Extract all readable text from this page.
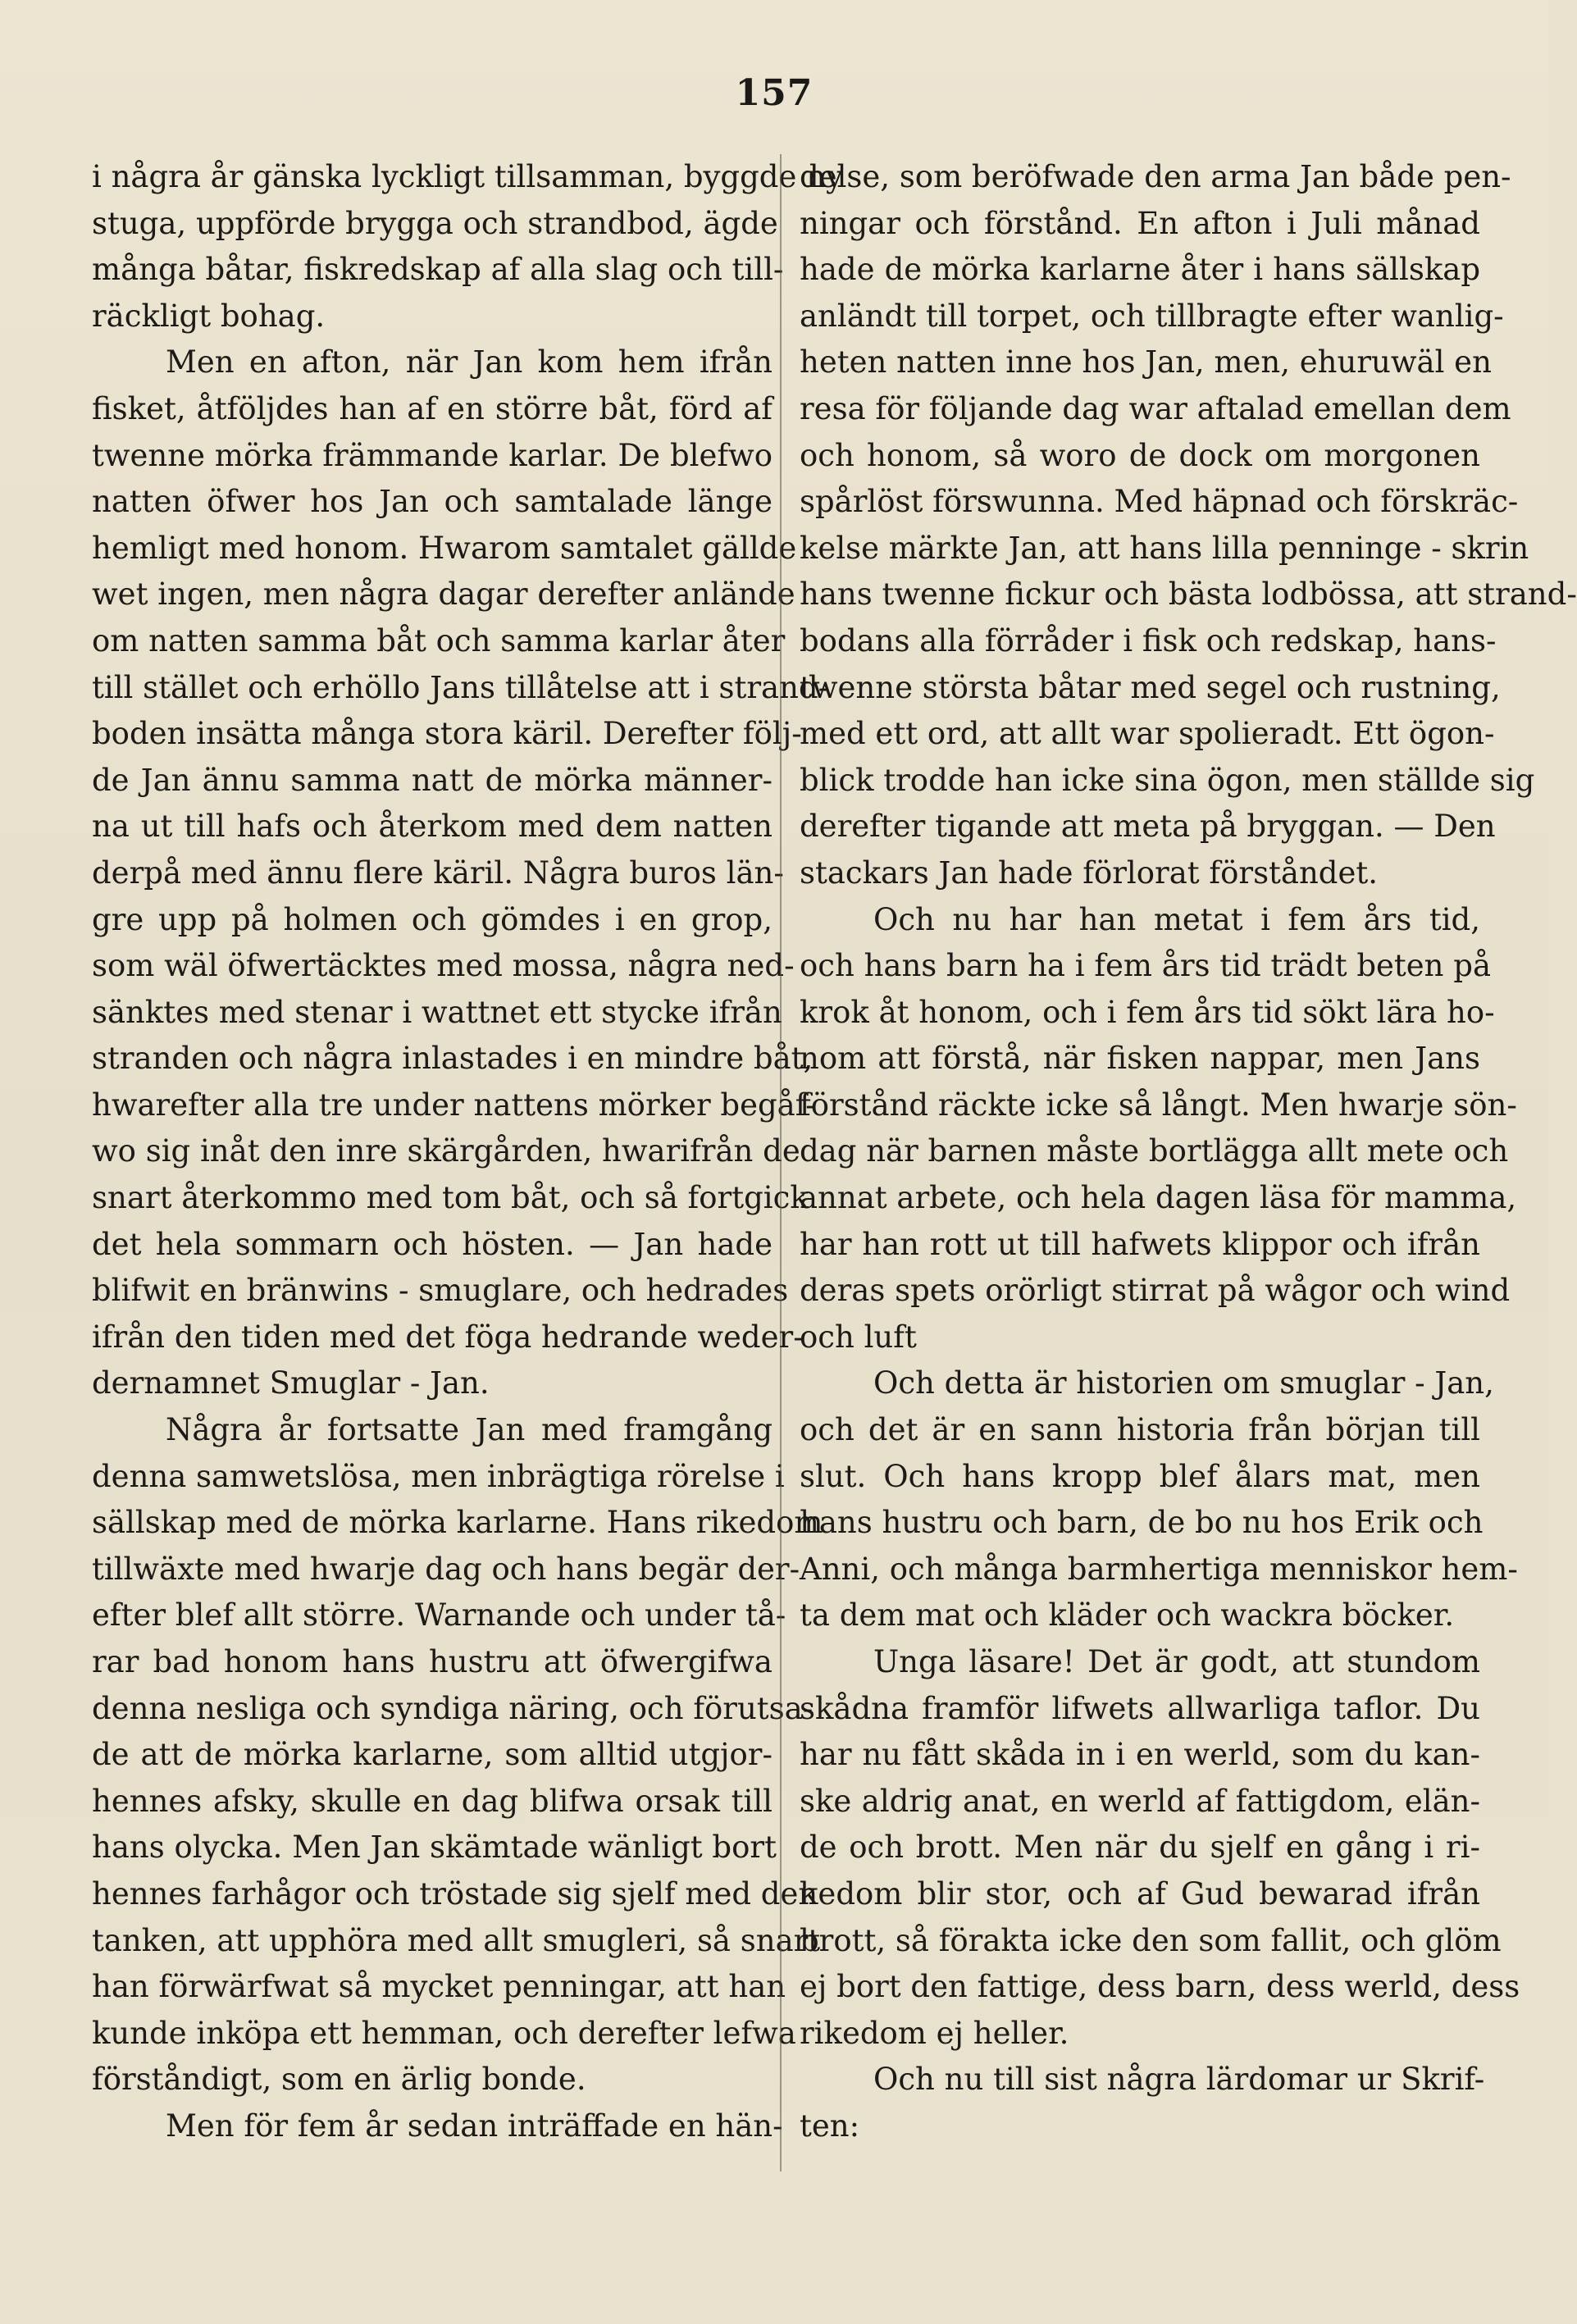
157
i några år gänska lyckligt tillsamman, byggde ny
stuga, uppförde brygga och strandbod, ägde
många båtar, fiskredskap af alla slag och till-
räckligt bohag.
Men en afton, när Jan kom hem ifrån
fisket, åtföljdes han af en större båt, förd af
twenne mörka främmande karlar. De blefwo
natten öfwer hos Jan och samtalade länge
hemligt med honom. Hwarom samtalet gällde
wet ingen, men några dagar derefter anlände
om natten samma båt och samma karlar åter
till stället och erhöllo Jans tillåtelse att i strand-
boden insätta många stora käril. Derefter följ-
de Jan ännu samma natt de mörka männer-
na ut till hafs och återkom med dem natten
derpå med ännu flere käril. Några buros län-
gre upp på holmen och gömdes i en grop,
som wäl öfwertäcktes med mossa, några ned-
sänktes med stenar i wattnet ett stycke ifrån
stranden och några inlastades i en mindre båt,
hwarefter alla tre under nattens mörker begåf-
wo sig inåt den inre skärgården, hwarifrån de
snart återkommo med tom båt, och så fortgick
det hela sommarn och hösten. — Jan hade
blifwit en bränwins - smuglare, och hedrades
ifrån den tiden med det föga hedrande weder-
dernamnet Smuglar - Jan.
Några år fortsatte Jan med framgång
denna samwetslösa, men inbrägtiga rörelse i
sällskap med de mörka karlarne. Hans rikedom
tillwäxte med hwarje dag och hans begär der-
efter blef allt större. Warnande och under tå-
rar bad honom hans hustru att öfwergifwa
denna nesliga och syndiga näring, och förutsa-
de att de mörka karlarne, som alltid utgjor-
hennes afsky, skulle en dag blifwa orsak till
hans olycka. Men Jan skämtade wänligt bort
hennes farhågor och tröstade sig sjelf med den
tanken, att upphöra med allt smugleri, så snart
han förwärfwat så mycket penningar, att han
kunde inköpa ett hemman, och derefter lefwa
förståndigt, som en ärlig bonde.
Men för fem år sedan inträffade en hän-
delse, som beröfwade den arma Jan både pen-
ningar och förstånd. En afton i Juli månad
hade de mörka karlarne åter i hans sällskap
anländt till torpet, och tillbragte efter wanlig-
heten natten inne hos Jan, men, ehuruwäl en
resa för följande dag war aftalad emellan dem
och honom, så woro de dock om morgonen
spårlöst förswunna. Med häpnad och förskräc-
kelse märkte Jan, att hans lilla penninge - skrin
hans twenne fickur och bästa lodbössa, att strand-
bodans alla förråder i fisk och redskap, hans-
twenne största båtar med segel och rustning,
med ett ord, att allt war spolieradt. Ett ögon-
blick trodde han icke sina ögon, men ställde sig
derefter tigande att meta på bryggan. — Den
stackars Jan hade förlorat förståndet.
Och nu har han metat i fem års tid,
och hans barn ha i fem års tid trädt beten på
krok åt honom, och i fem års tid sökt lära ho-
nom att förstå, när fisken nappar, men Jans
förstånd räckte icke så långt. Men hwarje sön-
dag när barnen måste bortlägga allt mete och
annat arbete, och hela dagen läsa för mamma,
har han rott ut till hafwets klippor och ifrån
deras spets orörligt stirrat på wågor och wind
och luft
Och detta är historien om smuglar - Jan,
och det är en sann historia från början till
slut. Och hans kropp blef ålars mat, men
hans hustru och barn, de bo nu hos Erik och
Anni, och många barmhertiga menniskor hem-
ta dem mat och kläder och wackra böcker.
Unga läsare! Det är godt, att stundom
skådna framför lifwets allwarliga taflor. Du
har nu fått skåda in i en werld, som du kan-
ske aldrig anat, en werld af fattigdom, elän-
de och brott. Men när du sjelf en gång i ri-
kedom blir stor, och af Gud bewarad ifrån
brott, så förakta icke den som fallit, och glöm
ej bort den fattige, dess barn, dess werld, dess
rikedom ej heller.
Och nu till sist några lärdomar ur Skrif-
ten:
